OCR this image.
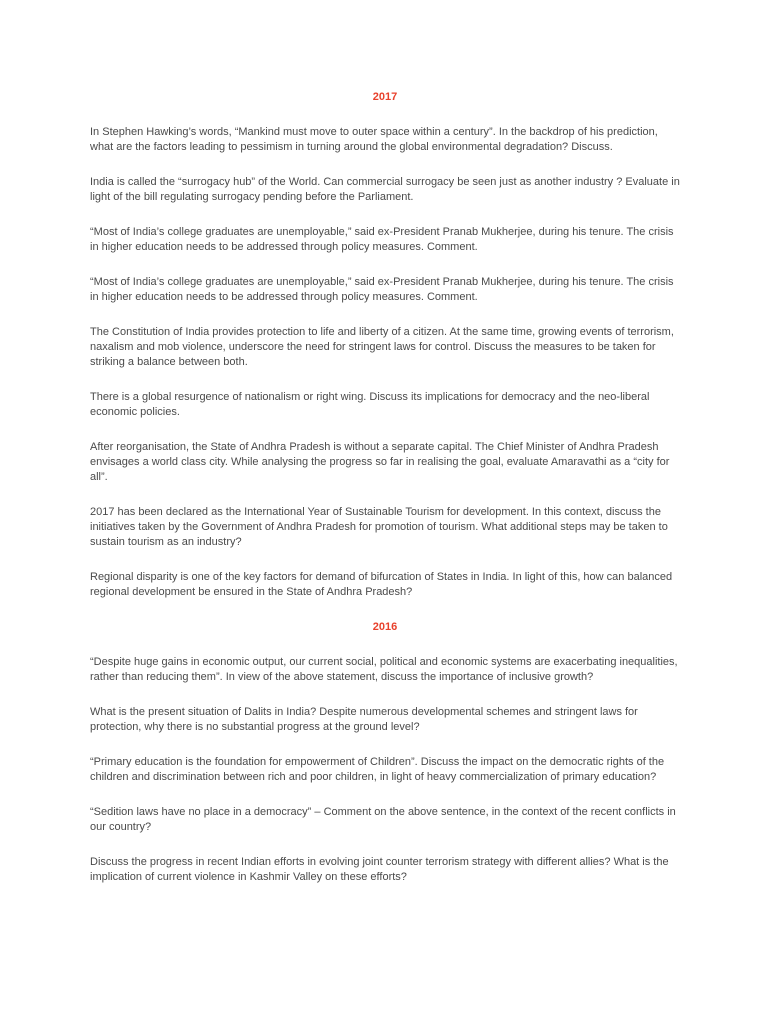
2017

In Stephen Hawking’s words, “Mankind must move to outer space within a century”. In the backdrop of his prediction, what are the factors leading to pessimism in turning around the global environmental degradation? Discuss.

India is called the “surrogacy hub” of the World. Can commercial surrogacy be seen just as another industry ? Evaluate in light of the bill regulating surrogacy pending before the Parliament.

“Most of India’s college graduates are unemployable,” said ex-President Pranab Mukherjee, during his tenure. The crisis in higher education needs to be addressed through policy measures. Comment.

“Most of India’s college graduates are unemployable,” said ex-President Pranab Mukherjee, during his tenure. The crisis in higher education needs to be addressed through policy measures. Comment.

The Constitution of India provides protection to life and liberty of a citizen. At the same time, growing events of terrorism, naxalism and mob violence, underscore the need for stringent laws for control. Discuss the measures to be taken for striking a balance between both.

There is a global resurgence of nationalism or right wing. Discuss its implications for democracy and the neo-liberal economic policies.

After reorganisation, the State of Andhra Pradesh is without a separate capital. The Chief Minister of Andhra Pradesh envisages a world class city. While analysing the progress so far in realising the goal, evaluate Amaravathi as a “city for all”.

2017 has been declared as the International Year of Sustainable Tourism for development. In this context, discuss the initiatives taken by the Government of Andhra Pradesh for promotion of tourism. What additional steps may be taken to sustain tourism as an industry?

Regional disparity is one of the key factors for demand of bifurcation of States in India. In light of this, how can balanced regional development be ensured in the State of Andhra Pradesh?

2016

“Despite huge gains in economic output, our current social, political and economic systems are exacerbating inequalities, rather than reducing them”. In view of the above statement, discuss the importance of inclusive growth?

What is the present situation of Dalits in India? Despite numerous developmental schemes and stringent laws for protection, why there is no substantial progress at the ground level?

“Primary education is the foundation for empowerment of Children”. Discuss the impact on the democratic rights of the children and discrimination between rich and poor children, in light of heavy commercialization of primary education?

“Sedition laws have no place in a democracy” – Comment on the above sentence, in the context of the recent conflicts in our country?

Discuss the progress in recent Indian efforts in evolving joint counter terrorism strategy with different allies? What is the implication of current violence in Kashmir Valley on these efforts?
